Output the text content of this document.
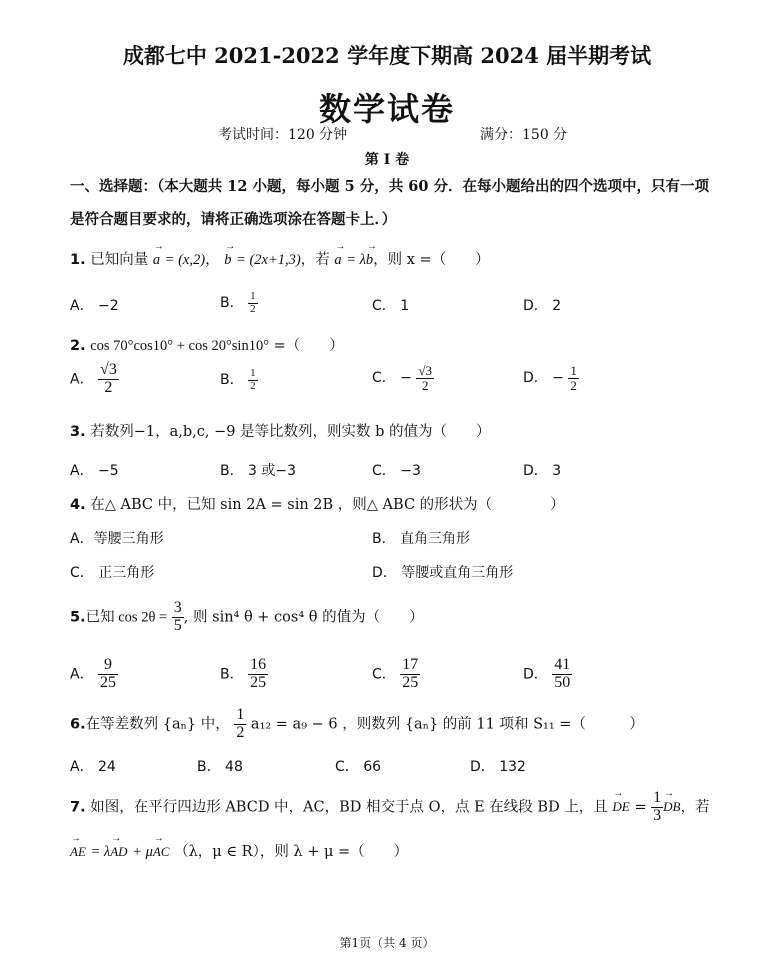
成都七中 2021-2022 学年度下期高 2024 届半期考试
数学试卷
考试时间：120 分钟	满分：150 分
第 I 卷
一、选择题：（本大题共 12 小题，每小题 5 分，共 60 分．在每小题给出的四个选项中，只有一项
是符合题目要求的，请将正确选项涂在答题卡上．）
1. 已知向量 a → = (x,2)， b → = (2x+1,3)，若 a → = λb →，则 x =（　　）
A． −2	B． $\frac{1}{2}$	C． 1	D． 2
2. cos 70°cos10° + cos 20°sin10° =（　　）
A． $\frac{√3}{2}$	B． $\frac{1}{2}$	C． − $\frac{√3}{2}$	D． − $\frac{1}{2}$
3. 若数列−1，a,b,c, −9 是等比数列，则实数 b 的值为（　　）
A． −5	B． 3 或−3	C． −3	D． 3
4. 在△ ABC 中，已知 sin 2A = sin 2B ，则△ ABC 的形状为（　　　　）
A．等腰三角形	B． 直角三角形
C． 正三角形	D． 等腰或直角三角形
5.已知 $\cos 2\theta = \frac{3}{5}$ , 则 sin⁴ θ + cos⁴ θ 的值为（　　）
A． $\frac{9}{25}$	B． $\frac{16}{25}$	C． $\frac{17}{25}$	D． $\frac{41}{50}$
6.在等差数列 {aₙ} 中， $\frac{1}{2} a_{12} = a_9 - 6$ ，则数列 {aₙ} 的前 11 项和 S₁₁ =（　　　）
A． 24	B． 48	C． 66	D． 132
7. 如图，在平行四边形 ABCD 中，AC，BD 相交于点 O，点 E 在线段 BD 上，且 DE → = $\frac{1}{3}$ DB →，若
AE → = λAD → + μAC → （λ，μ ∈ R），则 λ + μ =（　　）
第1页（共 4 页）
